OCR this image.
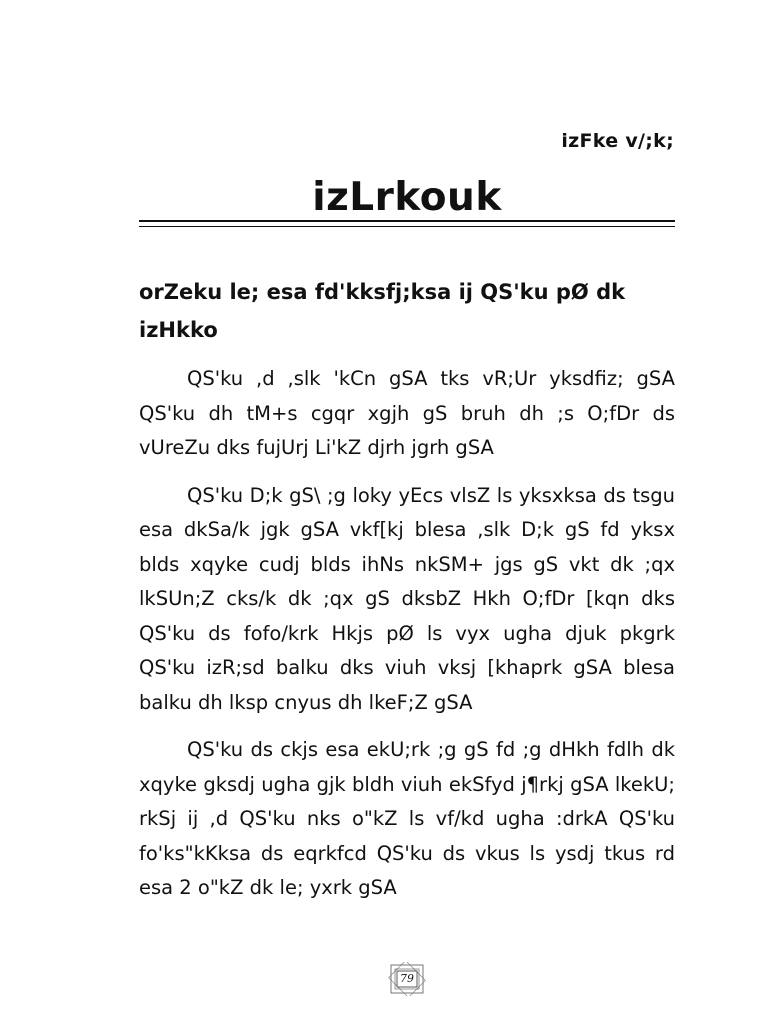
izFke v/;k;
izLrkouk
orZeku le; esa fd'kksfj;ksa ij QS'ku pØ dk izHkko

QS'ku ,d ,slk 'kCn gSA tks vR;Ur yksdfiz; gSA QS'ku dh tM+s cgqr xgjh gS bruh dh ;s O;fDr ds vUreZu dks fujUrj Li'kZ djrh jgrh gSA

QS'ku D;k gS\ ;g loky yEcs vlsZ ls yksxksa ds tsgu esa dkSa/k jgk gSA vkf[kj blesa ,slk D;k gS fd yksx blds xqyke cudj blds ihNs nkSM+ jgs gS vkt dk ;qx lkSUn;Z cks/k dk ;qx gS dksbZ Hkh O;fDr [kqn dks QS'ku ds fofo/krk Hkjs pØ ls vyx ugha djuk pkgrk QS'ku izR;sd balku dks viuh vksj [khaprk gSA blesa balku dh lksp cnyus dh lkeF;Z gSA

QS'ku ds ckjs esa ekU;rk ;g gS fd ;g dHkh fdlh dk xqyke gksdj ugha gjk bldh viuh ekSfyd j¶rkj gSA lkekU; rkSj ij ,d QS'ku nks o"kZ ls vf/kd ugha :drkA QS'ku fo'ks"kKksa ds eqrkfcd QS'ku ds vkus ls ysdj tkus rd esa 2 o"kZ dk le; yxrk gSA

79
